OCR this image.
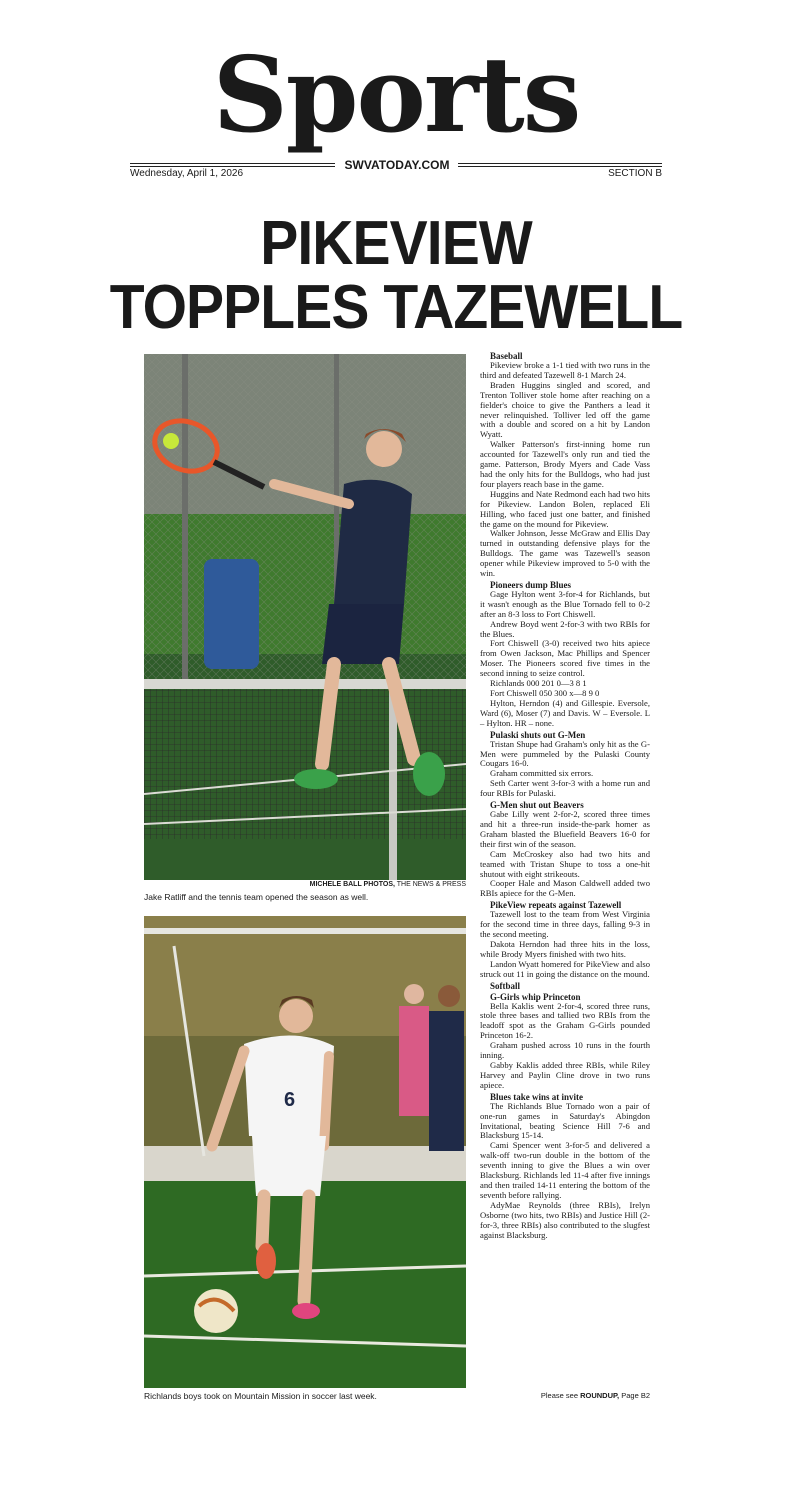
Sports
Wednesday, April 1, 2026
SWVATODAY.COM
SECTION B
PIKEVIEW
TOPPLES TAZEWELL
MICHELE BALL PHOTOS, THE NEWS & PRESS
Jake Ratliff and the tennis team opened the season as well.
6
Richlands boys took on Mountain Mission in soccer last week.
Baseball

Pikeview broke a 1-1 tied with two runs in the third and defeated Tazewell 8-1 March 24.

Braden Huggins singled and scored, and Trenton Tolliver stole home after reaching on a fielder's choice to give the Panthers a lead it never relinquished. Tolliver led off the game with a double and scored on a hit by Landon Wyatt.

Walker Patterson's first-inning home run accounted for Tazewell's only run and tied the game. Patterson, Brody Myers and Cade Vass had the only hits for the Bulldogs, who had just four players reach base in the game.

Huggins and Nate Redmond each had two hits for Pikeview. Landon Bolen, replaced Eli Hilling, who faced just one batter, and finished the game on the mound for Pikeview.

Walker Johnson, Jesse McGraw and Ellis Day turned in outstanding defensive plays for the Bulldogs. The game was Tazewell's season opener while Pikeview improved to 5-0 with the win.

Pioneers dump Blues

Gage Hylton went 3-for-4 for Richlands, but it wasn't enough as the Blue Tornado fell to 0-2 after an 8-3 loss to Fort Chiswell.

Andrew Boyd went 2-for-3 with two RBIs for the Blues.

Fort Chiswell (3-0) received two hits apiece from Owen Jackson, Mac Phillips and Spencer Moser. The Pioneers scored five times in the second inning to seize control.

Richlands 000 201 0—3 8 1

Fort Chiswell 050 300 x—8 9 0

Hylton, Herndon (4) and Gillespie. Eversole, Ward (6), Moser (7) and Davis. W – Eversole. L – Hylton. HR – none.

Pulaski shuts out G-Men

Tristan Shupe had Graham's only hit as the G-Men were pummeled by the Pulaski County Cougars 16-0.

Graham committed six errors.

Seth Carter went 3-for-3 with a home run and four RBIs for Pulaski.

G-Men shut out Beavers

Gabe Lilly went 2-for-2, scored three times and hit a three-run inside-the-park homer as Graham blasted the Bluefield Beavers 16-0 for their first win of the season.

Cam McCroskey also had two hits and teamed with Tristan Shupe to toss a one-hit shutout with eight strikeouts.

Cooper Hale and Mason Caldwell added two RBIs apiece for the G-Men.

PikeView repeats against Tazewell

Tazewell lost to the team from West Virginia for the second time in three days, falling 9-3 in the second meeting.

Dakota Herndon had three hits in the loss, while Brody Myers finished with two hits.

Landon Wyatt homered for PikeView and also struck out 11 in going the distance on the mound.

Softball
G-Girls whip Princeton

Bella Kaklis went 2-for-4, scored three runs, stole three bases and tallied two RBIs from the leadoff spot as the Graham G-Girls pounded Princeton 16-2.

Graham pushed across 10 runs in the fourth inning.

Gabby Kaklis added three RBIs, while Riley Harvey and Paylin Cline drove in two runs apiece.

Blues take wins at invite

The Richlands Blue Tornado won a pair of one-run games in Saturday's Abingdon Invitational, beating Science Hill 7-6 and Blacksburg 15-14.

Cami Spencer went 3-for-5 and delivered a walk-off two-run double in the bottom of the seventh inning to give the Blues a win over Blacksburg. Richlands led 11-4 after five innings and then trailed 14-11 entering the bottom of the seventh before rallying.

AdyMae Reynolds (three RBIs), Irelyn Osborne (two hits, two RBIs) and Justice Hill (2-for-3, three RBIs) also contributed to the slugfest against Blacksburg.

Please see ROUNDUP, Page B2
